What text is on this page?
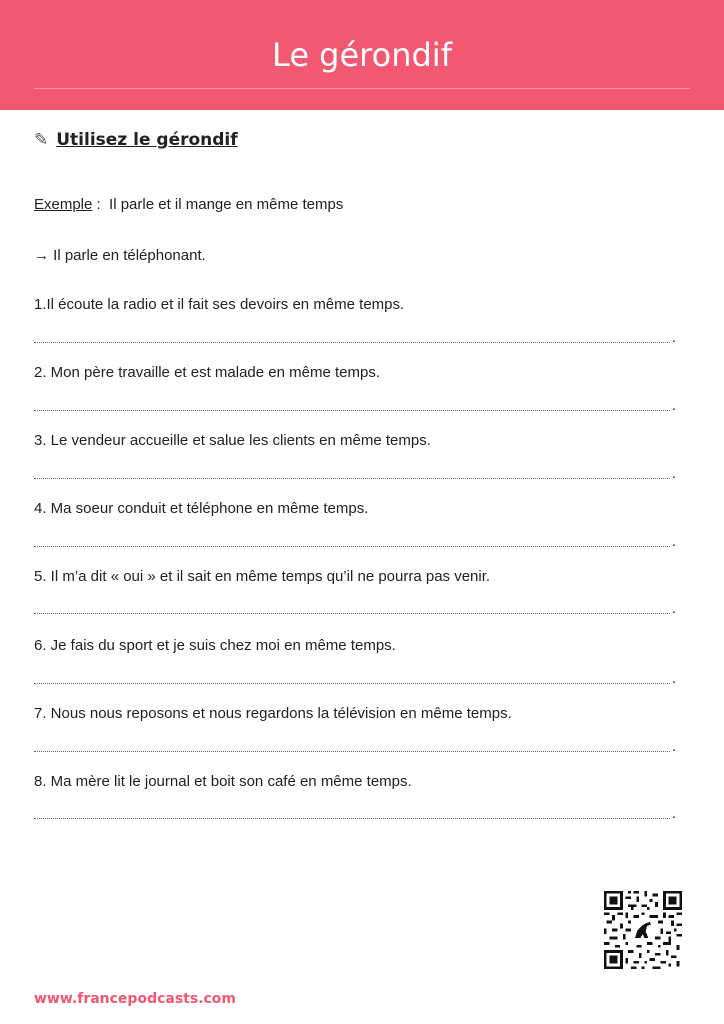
Le gérondif
✎ Utilisez le gérondif
Exemple :  Il parle et il mange en même temps
→ Il parle en téléphonant.
1.Il écoute la radio et il fait ses devoirs en même temps.
.
2. Mon père travaille et est malade en même temps.
.
3. Le vendeur accueille et salue les clients en même temps.
.
4. Ma soeur conduit et téléphone en même temps.
.
5. Il m’a dit « oui » et il sait en même temps qu’il ne pourra pas venir.
.
6. Je fais du sport et je suis chez moi en même temps.
.
7. Nous nous reposons et nous regardons la télévision en même temps.
.
8. Ma mère lit le journal et boit son café en même temps.
.
www.francepodcasts.com
